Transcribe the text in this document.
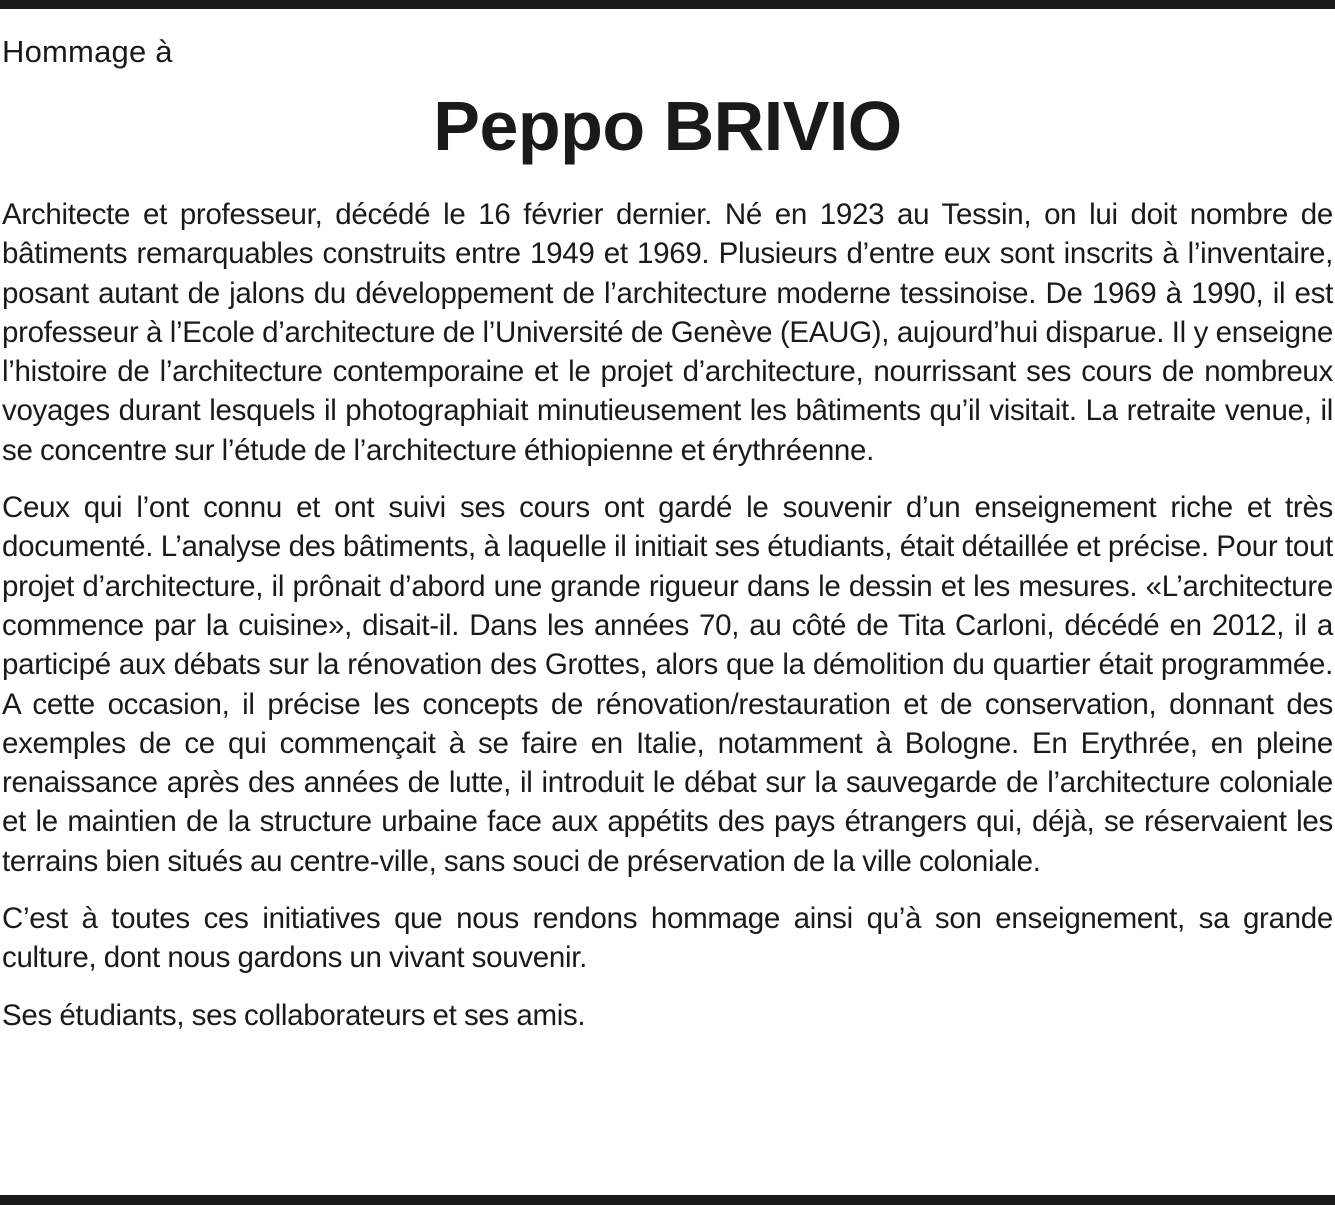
Hommage à

Peppo BRIVIO

Architecte et professeur, décédé le 16 février dernier. Né en 1923 au Tessin, on lui doit nombre de bâtiments remarquables construits entre 1949 et 1969. Plusieurs d’entre eux sont inscrits à l’inventaire, posant autant de jalons du développement de l’architecture moderne tessinoise. De 1969 à 1990, il est professeur à l’Ecole d’architecture de l’Université de Genève (EAUG), aujourd’hui disparue. Il y enseigne l’histoire de l’architecture contemporaine et le projet d’architecture, nourrissant ses cours de nombreux voyages durant lesquels il photographiait minutieusement les bâtiments qu’il visitait. La retraite venue, il se concentre sur l’étude de l’architecture éthiopienne et érythréenne.

Ceux qui l’ont connu et ont suivi ses cours ont gardé le souvenir d’un enseignement riche et très documenté. L’analyse des bâtiments, à laquelle il initiait ses étudiants, était détaillée et précise. Pour tout projet d’architecture, il prônait d’abord une grande rigueur dans le dessin et les mesures. «L’architecture commence par la cuisine», disait-il. Dans les années 70, au côté de Tita Carloni, décédé en 2012, il a participé aux débats sur la rénovation des Grottes, alors que la démolition du quartier était programmée. A cette occasion, il précise les concepts de rénovation/restauration et de conservation, donnant des exemples de ce qui commençait à se faire en Italie, notamment à Bologne. En Erythrée, en pleine renaissance après des années de lutte, il introduit le débat sur la sauvegarde de l’architecture coloniale et le maintien de la structure urbaine face aux appétits des pays étrangers qui, déjà, se réservaient les terrains bien situés au centre-ville, sans souci de préservation de la ville coloniale.

C’est à toutes ces initiatives que nous rendons hommage ainsi qu’à son enseignement, sa grande culture, dont nous gardons un vivant souvenir.

Ses étudiants, ses collaborateurs et ses amis.
